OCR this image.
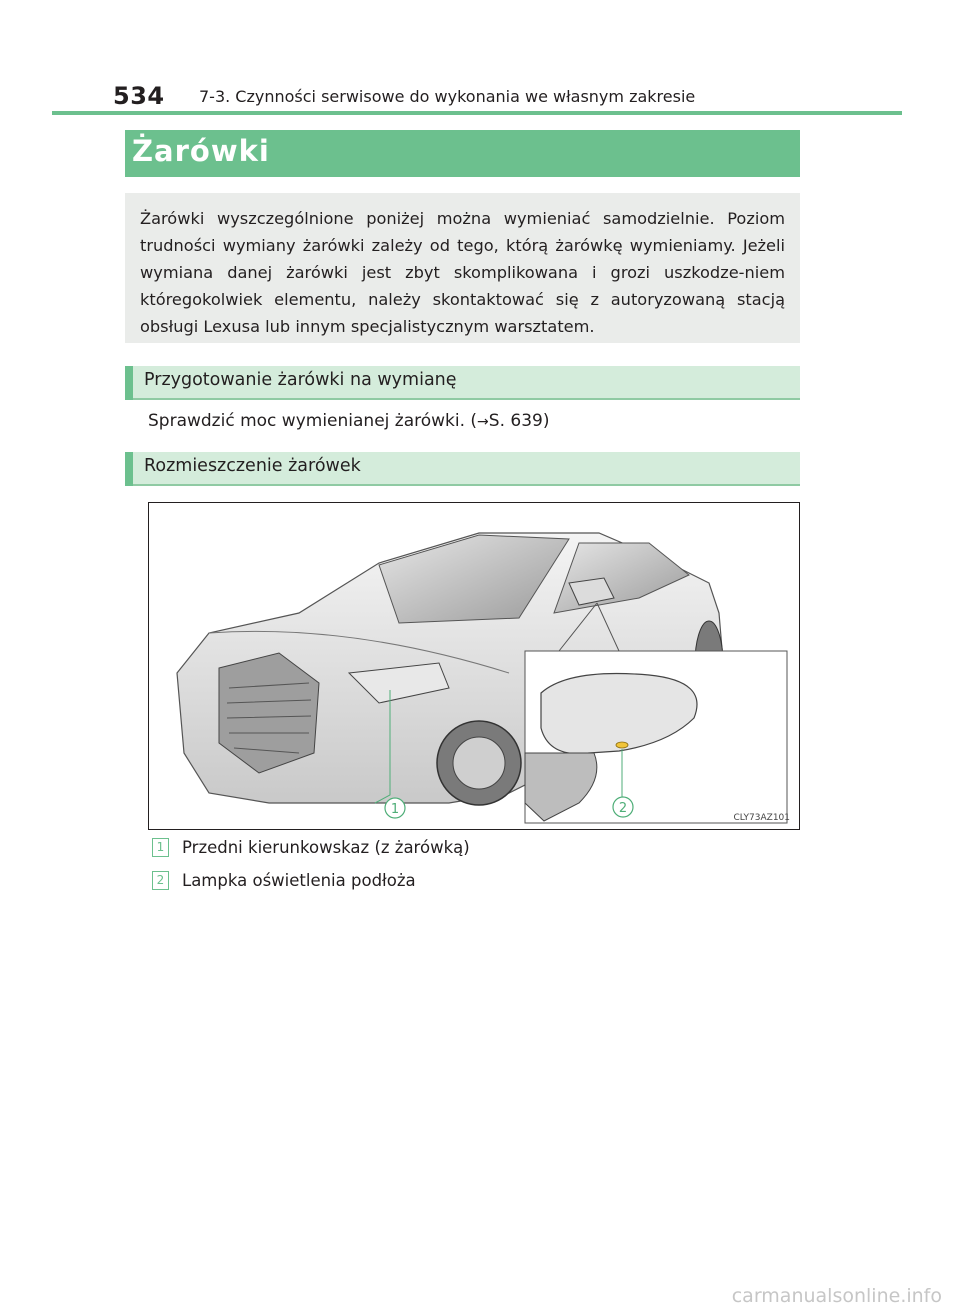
534 7-3. Czynności serwisowe do wykonania we własnym zakresie
Żarówki

Żarówki wyszczególnione poniżej można wymieniać samodzielnie. Poziom trudności wymiany żarówki zależy od tego, którą żarówkę wymieniamy. Jeżeli wymiana danej żarówki jest zbyt skomplikowana i grozi uszkodze-niem któregokolwiek elementu, należy skontaktować się z autoryzowaną stacją obsługi Lexusa lub innym specjalistycznym warsztatem.

Przygotowanie żarówki na wymianę
Sprawdzić moc wymienianej żarówki. (→S. 639)
Rozmieszczenie żarówek
1	2
CLY73AZ101
1 Przedni kierunkowskaz (z żarówką)
2 Lampka oświetlenia podłoża
carmanualsonline.info
